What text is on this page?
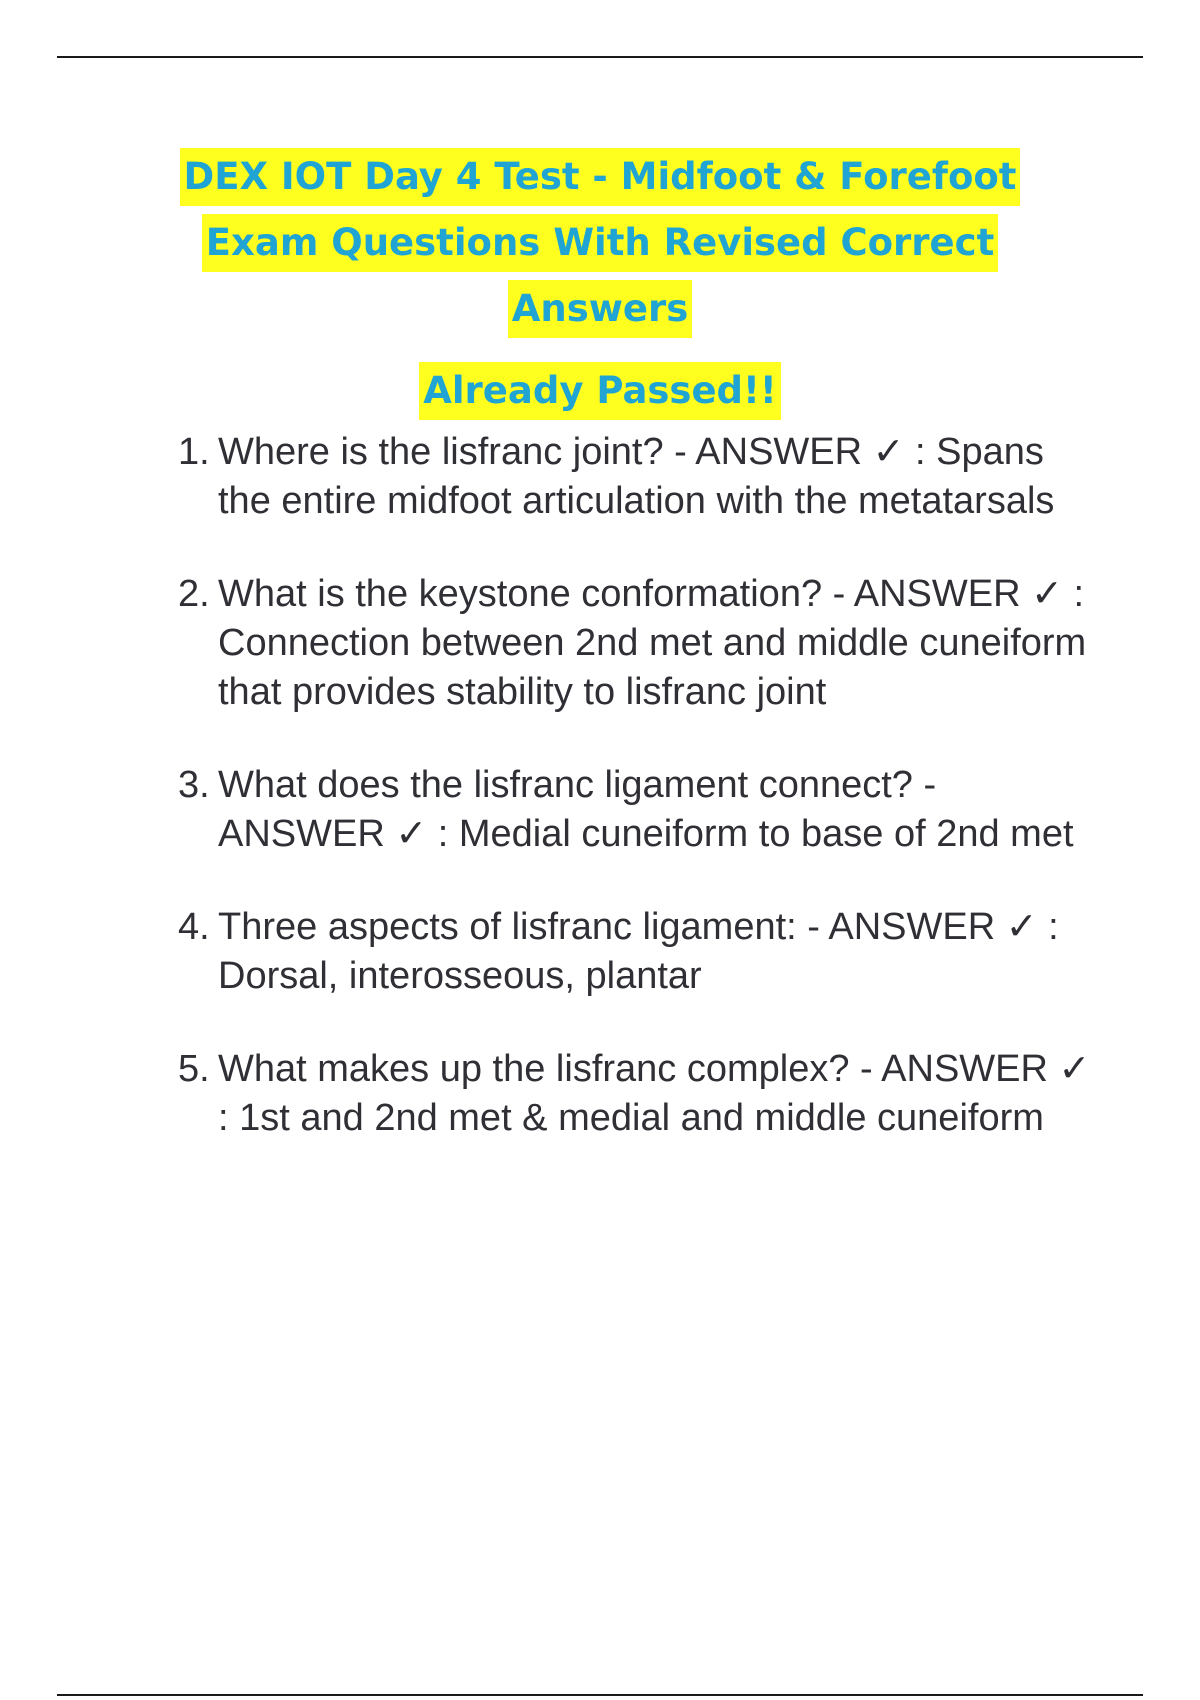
DEX IOT Day 4 Test - Midfoot & Forefoot
Exam Questions With Revised Correct
Answers
Already Passed!!
1. Where is the lisfranc joint? - ANSWER ✓ : Spans the entire midfoot articulation with the metatarsals
2. What is the keystone conformation? - ANSWER ✓ : Connection between 2nd met and middle cuneiform that provides stability to lisfranc joint
3. What does the lisfranc ligament connect? - ANSWER ✓ : Medial cuneiform to base of 2nd met
4. Three aspects of lisfranc ligament: - ANSWER ✓ : Dorsal, interosseous, plantar
5. What makes up the lisfranc complex? - ANSWER ✓ : 1st and 2nd met & medial and middle cuneiform
